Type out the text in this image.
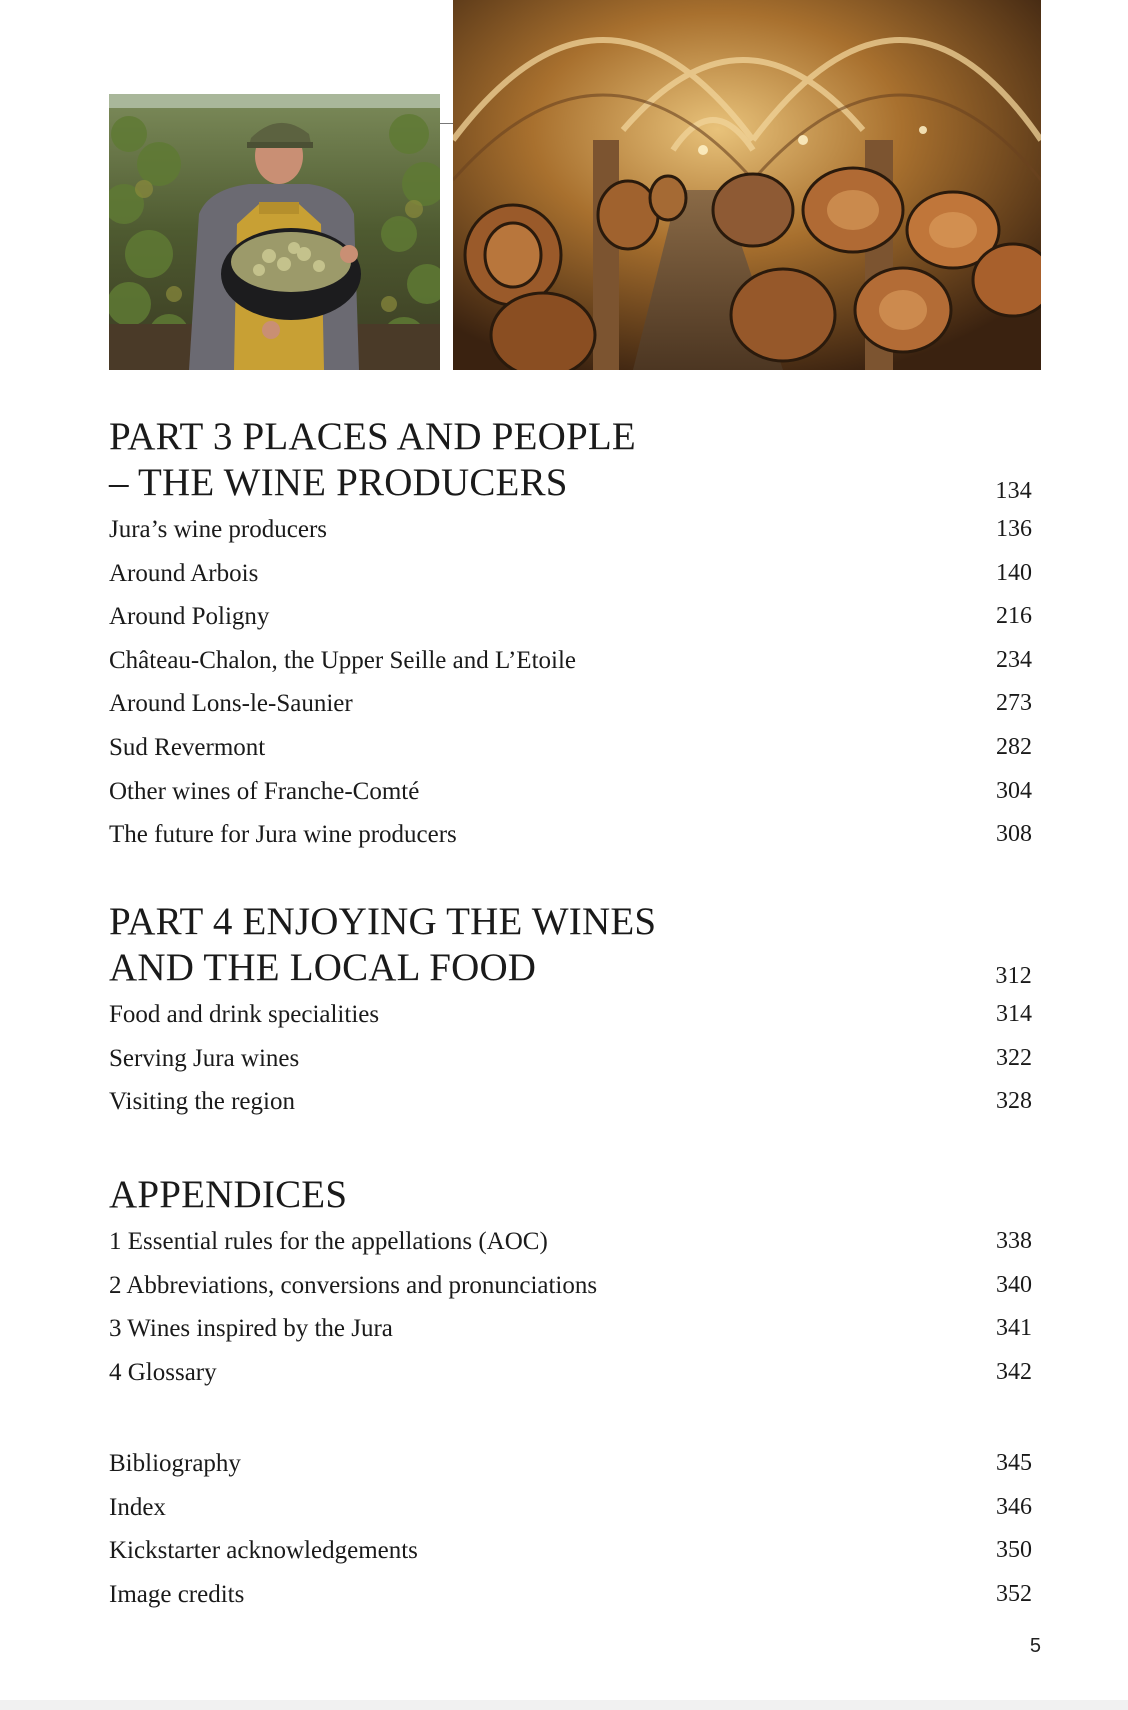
PART 3 PLACES AND PEOPLE
– THE WINE PRODUCERS	134
Jura’s wine producers	136
Around Arbois	140
Around Poligny	216
Château-Chalon, the Upper Seille and L’Etoile	234
Around Lons-le-Saunier	273
Sud Revermont	282
Other wines of Franche-Comté	304
The future for Jura wine producers	308
PART 4 ENJOYING THE WINES
AND THE LOCAL FOOD	312
Food and drink specialities	314
Serving Jura wines	322
Visiting the region	328
APPENDICES
1 Essential rules for the appellations (AOC)	338
2 Abbreviations, conversions and pronunciations	340
3 Wines inspired by the Jura	341
4 Glossary	342
Bibliography	345
Index	346
Kickstarter acknowledgements	350
Image credits	352
5
